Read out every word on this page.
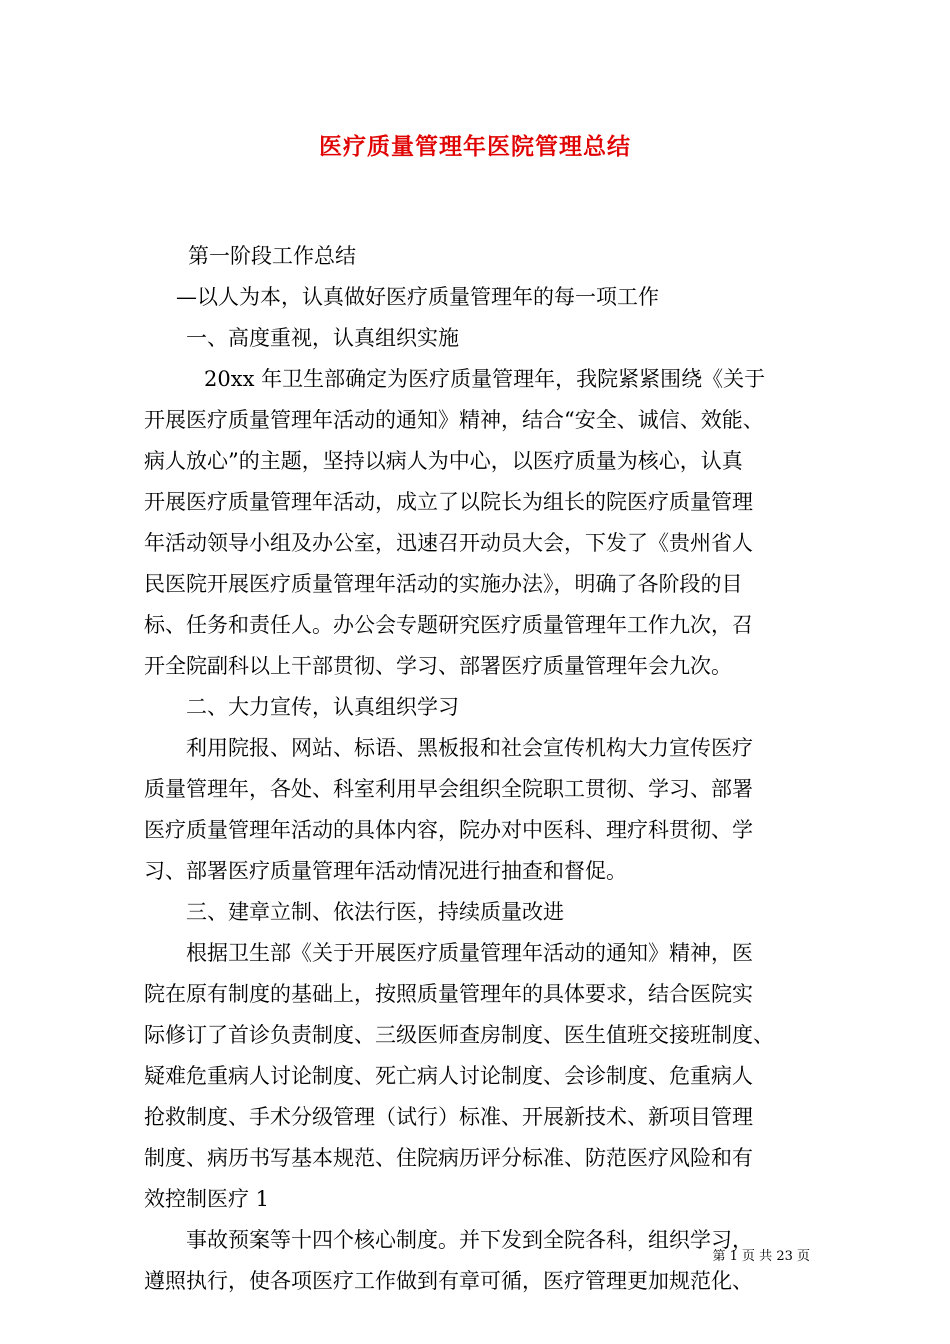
医疗质量管理年医院管理总结
第一阶段工作总结
—以人为本，认真做好医疗质量管理年的每一项工作
一、高度重视，认真组织实施
20xx 年卫生部确定为医疗质量管理年，我院紧紧围绕《关于
开展医疗质量管理年活动的通知》精神，结合“安全、诚信、效能、
病人放心”的主题，坚持以病人为中心，以医疗质量为核心，认真
开展医疗质量管理年活动，成立了以院长为组长的院医疗质量管理
年活动领导小组及办公室，迅速召开动员大会，下发了《贵州省人
民医院开展医疗质量管理年活动的实施办法》，明确了各阶段的目
标、任务和责任人。办公会专题研究医疗质量管理年工作九次，召
开全院副科以上干部贯彻、学习、部署医疗质量管理年会九次。
二、大力宣传，认真组织学习
利用院报、网站、标语、黑板报和社会宣传机构大力宣传医疗
质量管理年，各处、科室利用早会组织全院职工贯彻、学习、部署
医疗质量管理年活动的具体内容，院办对中医科、理疗科贯彻、学
习、部署医疗质量管理年活动情况进行抽查和督促。
三、建章立制、依法行医，持续质量改进
根据卫生部《关于开展医疗质量管理年活动的通知》精神，医
院在原有制度的基础上，按照质量管理年的具体要求，结合医院实
际修订了首诊负责制度、三级医师查房制度、医生值班交接班制度、
疑难危重病人讨论制度、死亡病人讨论制度、会诊制度、危重病人
抢救制度、手术分级管理（试行）标准、开展新技术、新项目管理
制度、病历书写基本规范、住院病历评分标准、防范医疗风险和有
效控制医疗 1
事故预案等十四个核心制度。并下发到全院各科，组织学习，
遵照执行，使各项医疗工作做到有章可循，医疗管理更加规范化、
第 1 页 共 23 页
